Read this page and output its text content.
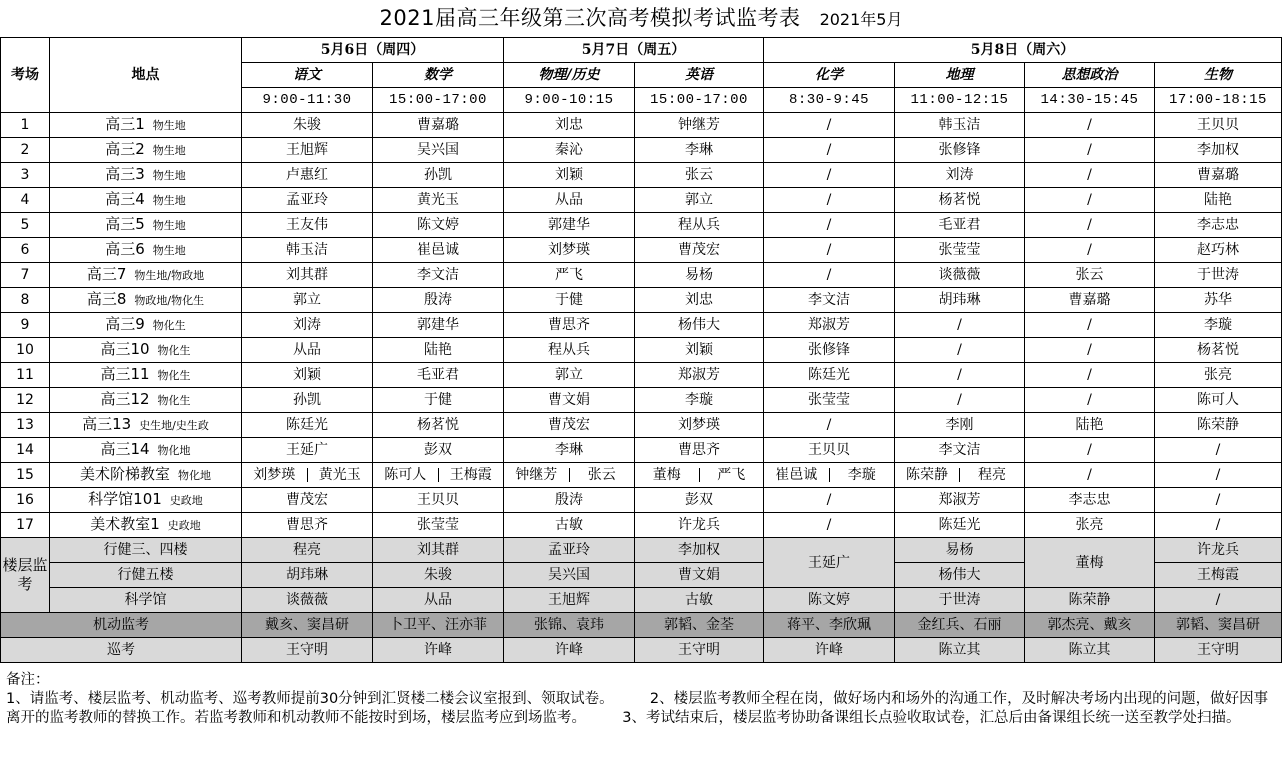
2021届高三年级第三次高考模拟考试监考表 2021年5月
考场	地点	5月6日（周四）		5月7日（周五）		5月8日（周六）			
		语文	数学	物理/历史	英语	化学	地理	思想政治	生物
		9:00-11:30	15:00-17:00	9:00-10:15	15:00-17:00	8:30-9:45	11:00-12:15	14:30-15:45	17:00-18:15
1	高三1 物生地	朱骏	曹嘉璐	刘忠	钟继芳	/	韩玉洁	/	王贝贝
2	高三2 物生地	王旭辉	吴兴国	秦沁	李琳	/	张修锋	/	李加权
3	高三3 物生地	卢惠红	孙凯	刘颖	张云	/	刘涛	/	曹嘉璐
4	高三4 物生地	孟亚玲	黄光玉	从品	郭立	/	杨茗悦	/	陆艳
5	高三5 物生地	王友伟	陈文婷	郭建华	程从兵	/	毛亚君	/	李志忠
6	高三6 物生地	韩玉洁	崔邑诚	刘梦瑛	曹茂宏	/	张莹莹	/	赵巧林
7	高三7 物生地/物政地	刘其群	李文洁	严飞	易杨	/	谈薇薇	张云	于世涛
8	高三8 物政地/物化生	郭立	殷涛	于健	刘忠	李文洁	胡玮琳	曹嘉璐	苏华
9	高三9 物化生	刘涛	郭建华	曹思齐	杨伟大	郑淑芳	/	/	李璇
10	高三10 物化生	从品	陆艳	程从兵	刘颖	张修锋	/	/	杨茗悦
11	高三11 物化生	刘颖	毛亚君	郭立	郑淑芳	陈廷光	/	/	张亮
12	高三12 物化生	孙凯	于健	曹文娟	李璇	张莹莹	/	/	陈可人
13	高三13 史生地/史生政	陈廷光	杨茗悦	曹茂宏	刘梦瑛	/	李刚	陆艳	陈荣静
14	高三14 物化地	王延广	彭双	李琳	曹思齐	王贝贝	李文洁	/	/
15	美术阶梯教室 物化地	刘梦瑛 黄光玉	陈可人 王梅霞	钟继芳 张云	董梅 严飞	崔邑诚 李璇	陈荣静 程亮	/	/
16	科学馆101 史政地	曹茂宏	王贝贝	殷涛	彭双	/	郑淑芳	李志忠	/
17	美术教室1 史政地	曹思齐	张莹莹	古敏	许龙兵	/	陈廷光	张亮	/
楼层监考	行健三、四楼	程亮	刘其群	孟亚玲	李加权	王延广	易杨	董梅	许龙兵
	行健五楼	胡玮琳	朱骏	吴兴国	曹文娟		杨伟大		王梅霞
	科学馆	谈薇薇	从品	王旭辉	古敏	陈文婷	于世涛	陈荣静	/
机动监考		戴亥、窦昌研	卜卫平、汪亦菲	张锦、袁玮	郭韬、金荃	蒋平、李欣珮	金红兵、石丽	郭杰亮、戴亥	郭韬、窦昌研
巡考		王守明	许峰	许峰	王守明	许峰	陈立其	陈立其	王守明
备注：
1、请监考、楼层监考、机动监考、巡考教师提前30分钟到汇贤楼二楼会议室报到、领取试卷。　　　2、楼层监考教师全程在岗，做好场内和场外的沟通工作，及时解决考场内出现的问题，做好因事离开的监考教师的替换工作。若监考教师和机动教师不能按时到场，楼层监考应到场监考。　　　3、考试结束后，楼层监考协助备课组长点验收取试卷，汇总后由备课组长统一送至教学处扫描。
